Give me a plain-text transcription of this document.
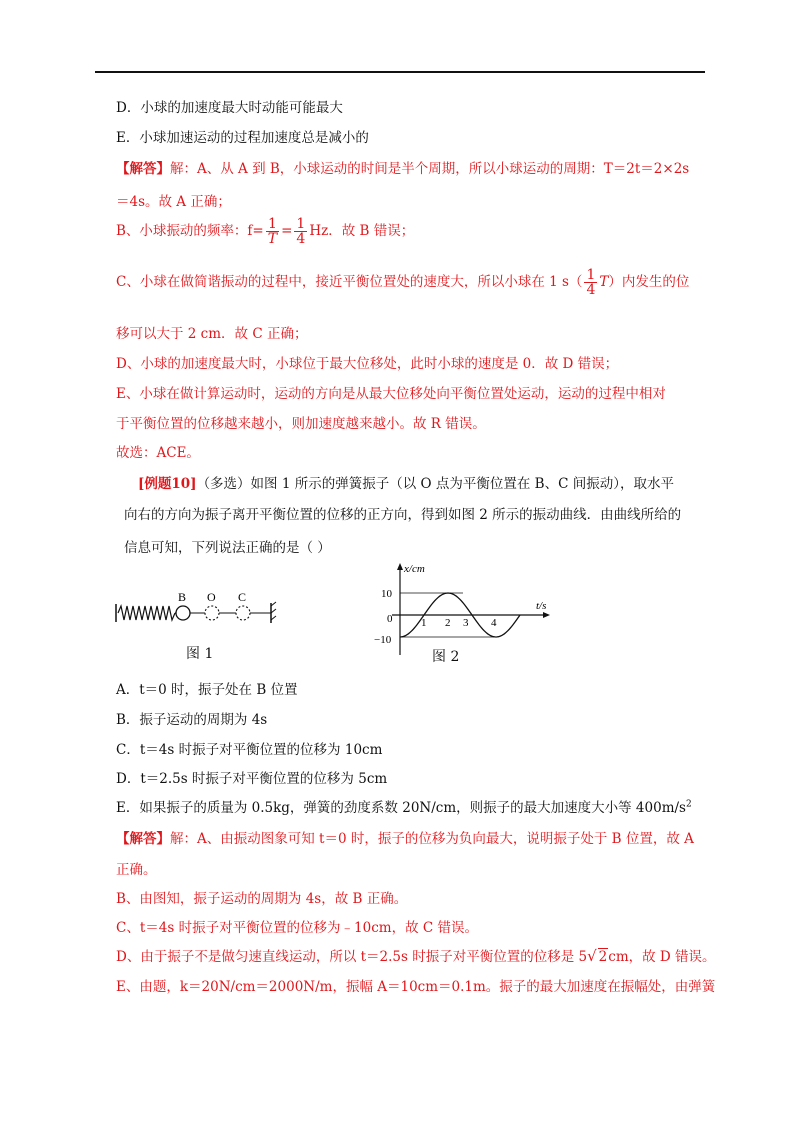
D．小球的加速度最大时动能可能最大
E．小球加速运动的过程加速度总是减小的
【解答】解：A、从 A 到 B，小球运动的时间是半个周期，所以小球运动的周期：T＝2t＝2×2s
＝4s。故 A 正确；
B、小球振动的频率：$f= \frac{1}{T} = \frac{1}{4}$ Hz．故 B 错误；
C、小球在做简谐振动的过程中，接近平衡位置处的速度大，所以小球在 1 $s( \frac{1}{4} T)$内发生的位
移可以大于 2 cm．故 C 正确；
D、小球的加速度最大时，小球位于最大位移处，此时小球的速度是 0．故 D 错误；
E、小球在做计算运动时，运动的方向是从最大位移处向平衡位置处运动，运动的过程中相对
于平衡位置的位移越来越小，则加速度越来越小。故 R 错误。
故选：ACE。
[例题10]（多选）如图 1 所示的弹簧振子（以 O 点为平衡位置在 B、C 间振动），取水平
向右的方向为振子离开平衡位置的位移的正方向，得到如图 2 所示的振动曲线．由曲线所给的
信息可知，下列说法正确的是（ ）
B O C
图 1
x/cm
t/s
10
0
−10
1 2 3 4
图 2
A．t＝0 时，振子处在 B 位置
B．振子运动的周期为 4s
C．t＝4s 时振子对平衡位置的位移为 10cm
D．t＝2.5s 时振子对平衡位置的位移为 5cm
E．如果振子的质量为 0.5kg，弹簧的劲度系数 20N/cm，则振子的最大加速度大小等 $400m/s^2$
【解答】解：A、由振动图象可知 t＝0 时，振子的位移为负向最大，说明振子处于 B 位置，故 A
正确。
B、由图知，振子运动的周期为 4s，故 B 正确。
C、t＝4s 时振子对平衡位置的位移为﹣10cm，故 C 错误。
D、由于振子不是做匀速直线运动，所以 t＝2.5s 时振子对平衡位置的位移是 5√ 2cm，故 D 错误。
E、由题，k＝20N/cm＝2000N/m，振幅 A＝10cm＝0.1m。振子的最大加速度在振幅处，由弹簧
